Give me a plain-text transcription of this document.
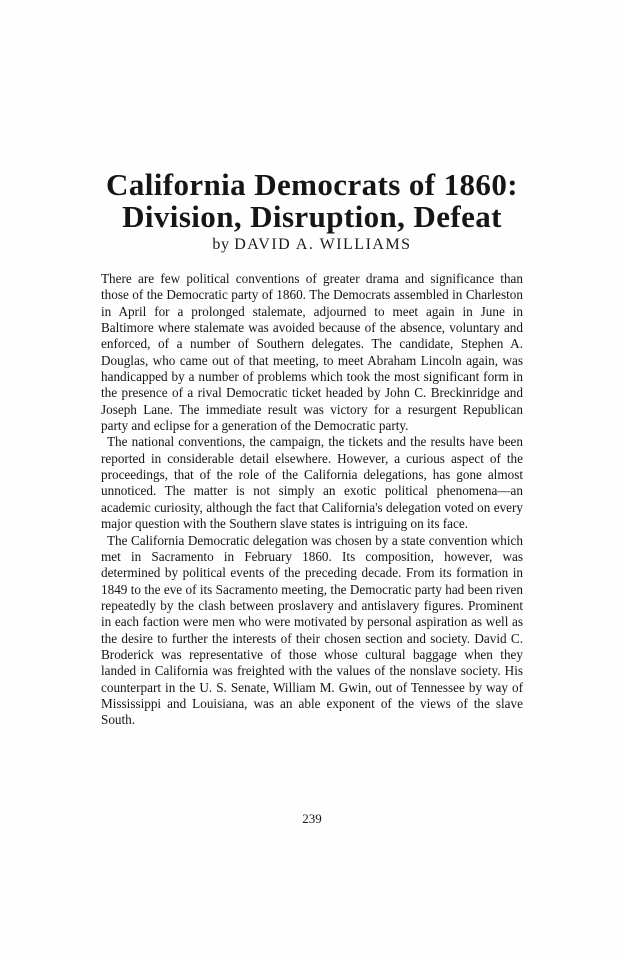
California Democrats of 1860:
Division, Disruption, Defeat
by DAVID A. WILLIAMS

There are few political conventions of greater drama and significance than those of the Democratic party of 1860. The Democrats assembled in Charleston in April for a prolonged stalemate, adjourned to meet again in June in Baltimore where stalemate was avoided because of the absence, voluntary and enforced, of a number of Southern delegates. The candidate, Stephen A. Douglas, who came out of that meeting, to meet Abraham Lincoln again, was handicapped by a number of problems which took the most significant form in the presence of a rival Democratic ticket headed by John C. Breckinridge and Joseph Lane. The immediate result was victory for a resurgent Republican party and eclipse for a generation of the Democratic party.

The national conventions, the campaign, the tickets and the results have been reported in considerable detail elsewhere. However, a curious aspect of the proceedings, that of the role of the California delegations, has gone almost unnoticed. The matter is not simply an exotic political phenomena—an academic curiosity, although the fact that California's delegation voted on every major question with the Southern slave states is intriguing on its face.

The California Democratic delegation was chosen by a state convention which met in Sacramento in February 1860. Its composition, however, was determined by political events of the preceding decade. From its formation in 1849 to the eve of its Sacramento meeting, the Democratic party had been riven repeatedly by the clash between proslavery and antislavery figures. Prominent in each faction were men who were motivated by personal aspiration as well as the desire to further the interests of their chosen section and society. David C. Broderick was representative of those whose cultural baggage when they landed in California was freighted with the values of the nonslave society. His counterpart in the U. S. Senate, William M. Gwin, out of Tennessee by way of Mississippi and Louisiana, was an able exponent of the views of the slave South.

239
